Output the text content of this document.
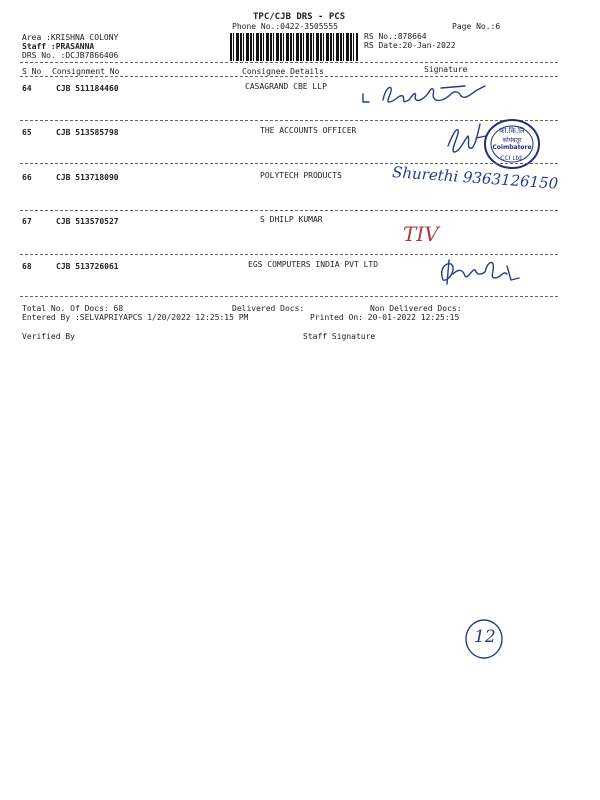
TPC/CJB DRS - PCS
Phone No.:0422-3505555	Page No.:6
Area :KRISHNA COLONY
Staff :PRASANNA
DRS No. :DCJB7866406
RS No.:878664
RS Date:20-Jan-2022
S No Consignment No	Consignee Details	Signature
64	CJB 511184460	CASAGRAND CBE LLP
65	CJB 513585798	THE ACCOUNTS OFFICER	को.कि.लि
कोयंबतूर
Coimbatore
CCI Ltd.
66	CJB 513718090	POLYTECH PRODUCTS	Shurethi 9363126150
67	CJB 513570527	S DHILP KUMAR
TIV
68	CJB 513726061	EGS COMPUTERS INDIA PVT LTD
Total No. Of Docs: 68	Delivered Docs:	Non Delivered Docs:
Entered By :SELVAPRIYAPCS 1/20/2022 12:25:15 PM	Printed On: 20-01-2022 12:25:15
Verified By	Staff Signature
12
